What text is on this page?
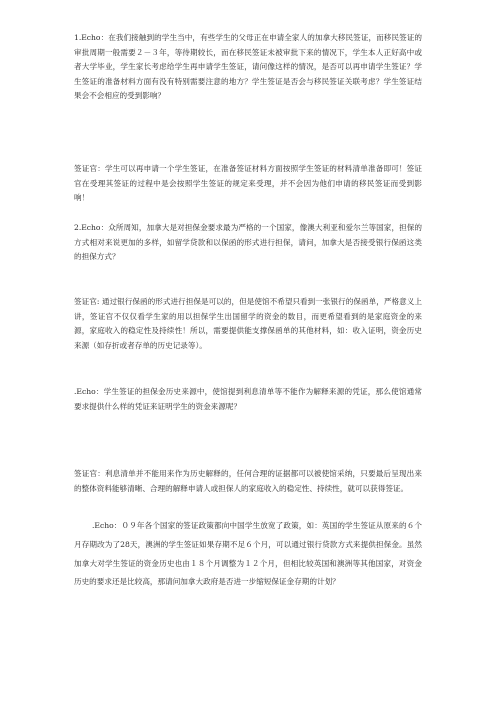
1.Echo：在我们接触到的学生当中，有些学生的父母正在申请全家人的加拿大移民签证，而移民签证的审批周期一般需要２－３年，等待期较长，而在移民签证未被审批下来的情况下，学生本人正好高中或者大学毕业，学生家长考虑给学生再申请学生签证，请问像这样的情况，是否可以再申请学生签证？学生签证的准备材料方面有没有特别需要注意的地方？学生签证是否会与移民签证关联考虑？学生签证结果会不会相应的受到影响？

签证官：学生可以再申请一个学生签证，在准备签证材料方面按照学生签证的材料清单准备即可！签证官在受理其签证的过程中是会按照学生签证的规定来受理，并不会因为他们申请的移民签证而受到影响！

2.Echo：众所周知，加拿大是对担保金要求最为严格的一个国家，像澳大利亚和爱尔兰等国家，担保的方式相对来说更加的多样，如留学贷款和以保函的形式进行担保，请问，加拿大是否接受银行保函这类的担保方式？

签证官: 通过银行保函的形式进行担保是可以的，但是使馆不希望只看到一张银行的保函单，严格意义上讲，签证官不仅仅看学生家的用以担保学生出国留学的资金的数目，而更希望看到的是家庭资金的来源，家庭收入的稳定性及持续性！所以，需要提供能支撑保函单的其他材料，如：收入证明，资金历史来源（如存折或者存单的历史记录等）。

.Echo：学生签证的担保金历史来源中，使馆提到利息清单等不能作为解释来源的凭证，那么使馆通常要求提供什么样的凭证来证明学生的资金来源呢？

签证官：利息清单并不能用来作为历史解释的，任何合理的证据都可以被使馆采纳，只要最后呈现出来的整体资料能够清晰、合理的解释申请人或担保人的家庭收入的稳定性、持续性，就可以获得签证。

.Echo：０９年各个国家的签证政策都向中国学生放宽了政策，如：英国的学生签证从原来的６个月存期改为了28天，澳洲的学生签证如果存期不足６个月，可以通过银行贷款方式来提供担保金。虽然加拿大对学生签证的资金历史也由１８个月调整为１２个月，但相比较英国和澳洲等其他国家，对资金历史的要求还是比较高，那请问加拿大政府是否进一步缩短保证金存期的计划？
